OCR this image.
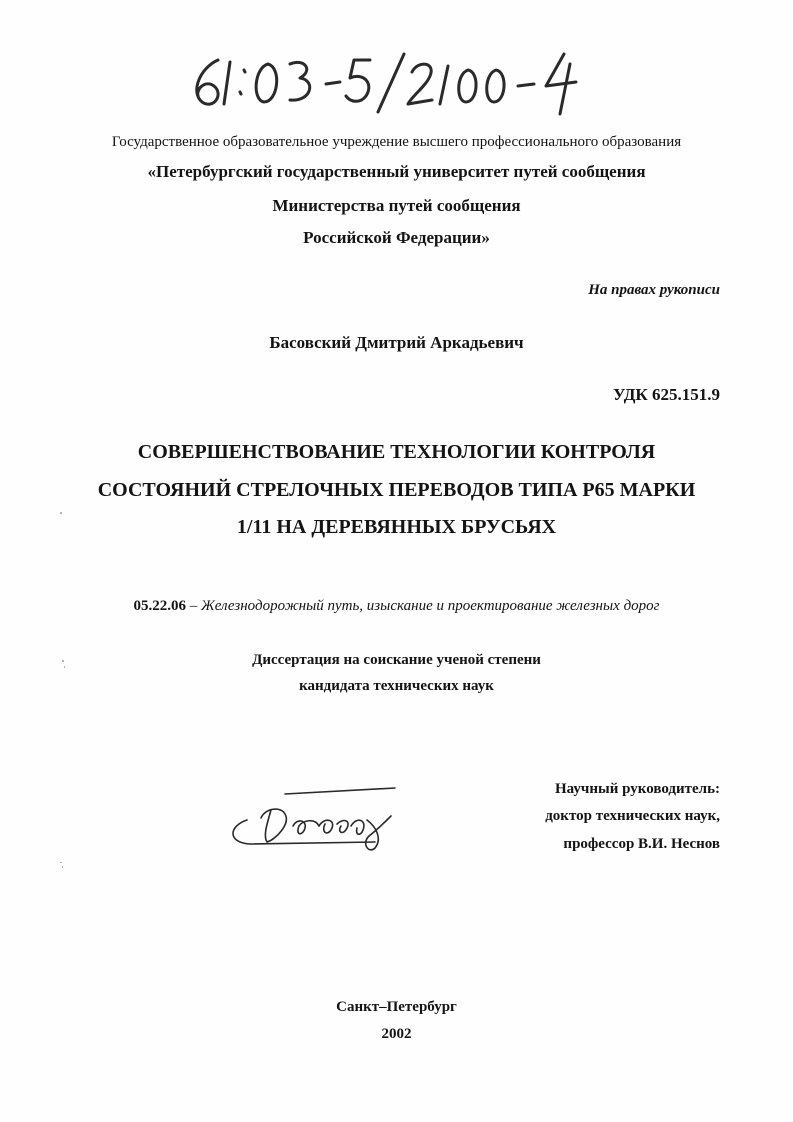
Государственное образовательное учреждение высшего профессионального образования
«Петербургский государственный университет путей сообщения
Министерства путей сообщения
Российской Федерации»
На правах рукописи
Басовский Дмитрий Аркадьевич
УДК 625.151.9
СОВЕРШЕНСТВОВАНИЕ ТЕХНОЛОГИИ КОНТРОЛЯ
СОСТОЯНИЙ СТРЕЛОЧНЫХ ПЕРЕВОДОВ ТИПА Р65 МАРКИ
1/11 НА ДЕРЕВЯННЫХ БРУСЬЯХ
05.22.06 – Железнодорожный путь, изыскание и проектирование железных дорог
Диссертация на соискание ученой степени
кандидата технических наук
Научный руководитель:
доктор технических наук,
профессор В.И. Неснов
Санкт–Петербург
2002
